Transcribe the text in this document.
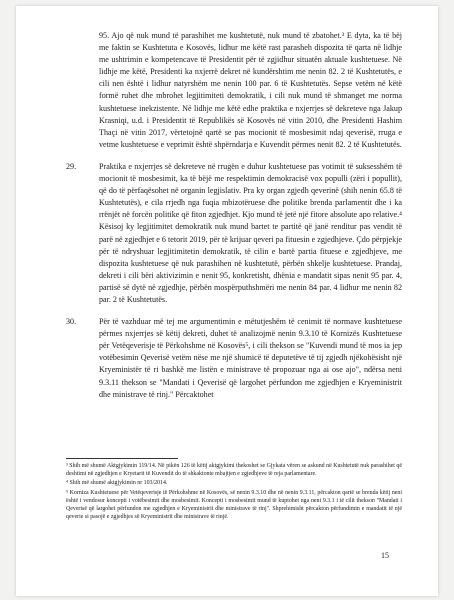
95. Ajo që nuk mund të parashihet me kushtetutë, nuk mund të zbatohet.³ E dyta, ka të bëj me faktin se Kushtetuta e Kosovës, lidhur me këtë rast parasheh dispozita të qarta në lidhje me ushtrimin e kompetencave të Presidentit për të zgjidhur situatën aktuale kushtetuese. Në lidhje me këtë, Presidenti ka nxjerrë dekret në kundërshtim me nenin 82. 2 të Kushtetutës, e cili nen është i lidhur natyrshëm me nenin 100 par. 6 të Kushtetutës. Sepse vetëm në këtë formë ruhet dhe mbrohet legjitimiteti demokratik, i cili nuk mund të shmanget me norma kushtetuese inekzistente. Në lidhje me këtë edhe praktika e nxjerrjes së dekreteve nga Jakup Krasniqi, u.d. i Presidentit të Republikës së Kosovës në vitin 2010, dhe Presidenti Hashim Thaçi në vitin 2017, vërtetojnë qartë se pas mocionit të mosbesimit ndaj qeverisë, rruga e vetme kushtetuese e veprimit është shpërndarja e Kuvendit përmes nenit 82. 2 të Kushtetutës.

29.	Praktika e nxjerrjes së dekreteve në rrugën e duhur kushtetuese pas votimit të suksesshëm të mocionit të mosbesimit, ka të bëjë me respektimin demokracisë vox populli (zëri i popullit), që do të përfaqësohet në organin legjislativ. Pra ky organ zgjedh qeverinë (shih nenin 65.8 të Kushtetutës), e cila rrjedh nga fuqia mbizotëruese dhe politike brenda parlamentit dhe i ka rrënjët në forcën politike që fiton zgjedhjet. Kjo mund të jetë një fitore absolute apo relative.⁴ Kësisoj ky legjitimitet demokratik nuk mund bartet te partitë që janë renditur pas vendit të parë në zgjedhjet e 6 tetorit 2019, për të krijuar qeveri pa fituesin e zgjedhjeve. Çdo përpjekje për të ndryshuar legjitimitetin demokratik, të cilin e bartë partia fituese e zgjedhjeve, me dispozita kushtetuese që nuk parashihen në kushtetutë, përbën shkelje kushtetuese. Prandaj, dekreti i cili bëri aktivizimin e nenit 95, konkretisht, dhënia e mandatit sipas nenit 95 par. 4, partisë së dytë në zgjedhje, përbën mospërputhshmëri me nenin 84 par. 4 lidhur me nenin 82 par. 2 të Kushtetutës.

30.	Për të vazhduar më tej me argumentimin e mëtutjeshëm të cenimit të normave kushtetuese përmes nxjerrjes së këtij dekreti, duhet të analizojmë nenin 9.3.10 të Kornizës Kushtetuese për Vetëqeverisje të Përkohshme në Kosovës⁵, i cili thekson se "Kuvendi mund të mos ia jep votëbesimin Qeverisë vetëm nëse me një shumicë të deputetëve të tij zgjedh njëkohësisht një Kryeministër të ri bashkë me listën e ministrave të propozuar nga ai ose ajo", ndërsa neni 9.3.11 thekson se "Mandati i Qeverisë që largohet përfundon me zgjedhjen e Kryeministrit dhe ministrave të rinj." Përcaktohet

³ Shih më shumë Aktgjykimin 119/14. Në pikën 126 të këtij aktgjykimi thekoshet se Gjykata vëren se askund në Kushtetutë nuk parashihet që deshtimi në zgjedhjen e Kryetarit të Kuvendit do të shkaktonte mbajtjen e zgjedhjeve të reja parlamentare.

⁴ Shih më shumë aktgjykimin nr 103/2014.

⁵ Korniza Kushtetuese për Vetëqeverisje të Përkohshme në Kosovës, së nenin 9.3.10 dhe në nenin 9.3.11, përcakton qartë se brenda këtij neni është i vendosur koncepti i votëbesimit dhe mosbesimit. Koncepti i mosbesimit mund të kuptohet nga neni 9.3.1 i të cilit thekson "Mandati i Qeverisë që largohet përfundon me zgjedhjen e Kryeministrit dhe ministrave të rinj". Shprehimisht përcakton përfundimin e mandatit të një qeverie si pasojë e zgjedhjes së Kryeministrit dhe ministrave të rinjë.

15
